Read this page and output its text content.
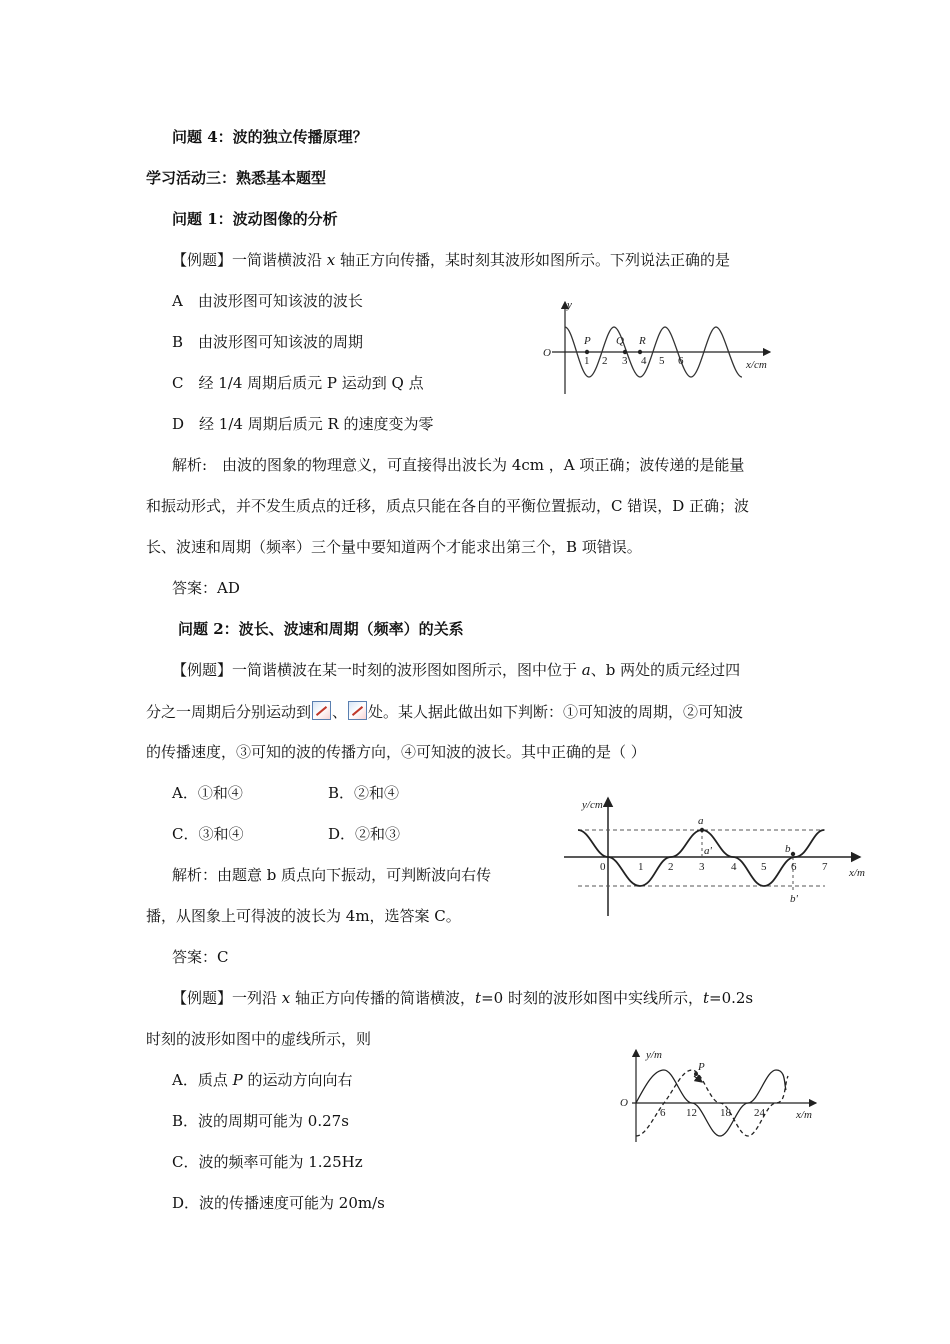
问题 4：波的独立传播原理？
学习活动三：熟悉基本题型
问题 1：波动图像的分析
【例题】一简谐横波沿 x 轴正方向传播，某时刻其波形如图所示。下列说法正确的是
A　由波形图可知该波的波长
B　由波形图可知该波的周期
C　经 1/4 周期后质元 P 运动到 Q 点
D　经 1/4 周期后质元 R 的速度变为零
y
O
x/cm
1 2 3 4 5 6
P Q R
解析:　由波的图象的物理意义，可直接得出波长为 4cm ，A 项正确；波传递的是能量
和振动形式，并不发生质点的迁移，质点只能在各自的平衡位置振动，C 错误，D 正确；波
长、波速和周期（频率）三个量中要知道两个才能求出第三个，B 项错误。
答案：AD
问题 2：波长、波速和周期（频率）的关系
【例题】一简谐横波在某一时刻的波形图如图所示，图中位于 a、b 两处的质元经过四
分之一周期后分别运动到 、 处。某人据此做出如下判断：①可知波的周期，②可知波
的传播速度，③可知的波的传播方向，④可知波的波长。其中正确的是（ ）
A．①和④	B．②和④
C．③和④	D．②和③
y/cm
x/m
0	1 2 3 4 5 6 7
a
a'	b
b'
解析：由题意 b 质点向下振动，可判断波向右传
播，从图象上可得波的波长为 4m，选答案 C。
答案：C
【例题】一列沿 x 轴正方向传播的简谐横波，t=0 时刻的波形如图中实线所示，t=0.2s
时刻的波形如图中的虚线所示，则
A．质点 P 的运动方向向右
B．波的周期可能为 0.27s
C．波的频率可能为 1.25Hz
D．波的传播速度可能为 20m/s
y/m
O
x/m
6 12 18 24
P
